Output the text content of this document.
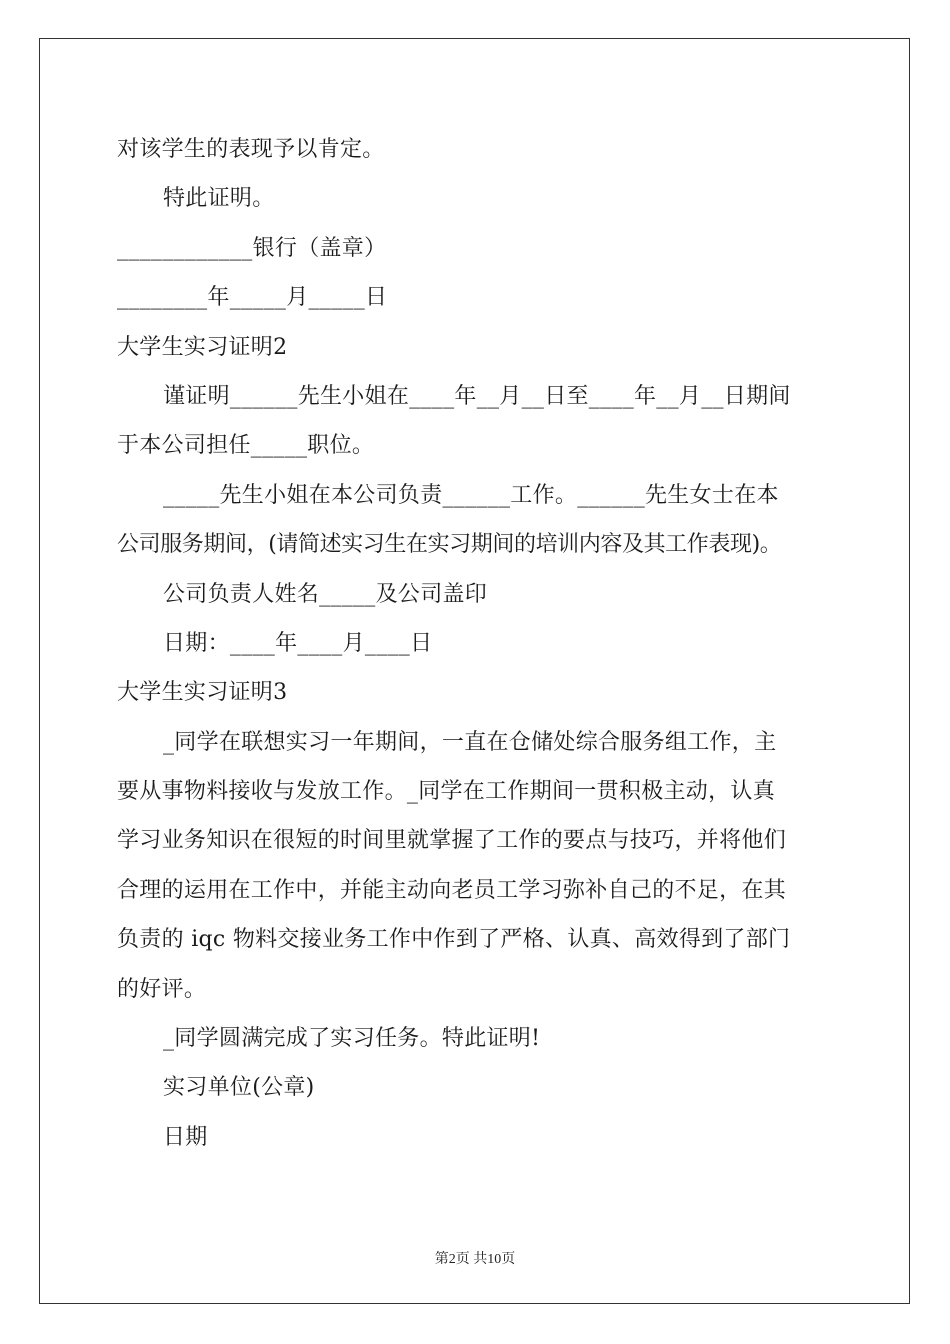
对该学生的表现予以肯定。
特此证明。
____________银行（盖章）
________年_____月_____日
大学生实习证明2
谨证明______先生小姐在____年__月__日至____年__月__日期间
于本公司担任_____职位。
_____先生小姐在本公司负责______工作。______先生女士在本
公司服务期间，(请简述实习生在实习期间的培训内容及其工作表现)。
公司负责人姓名_____及公司盖印
日期：____年____月____日
大学生实习证明3
_同学在联想实习一年期间，一直在仓储处综合服务组工作，主
要从事物料接收与发放工作。_同学在工作期间一贯积极主动，认真
学习业务知识在很短的时间里就掌握了工作的要点与技巧，并将他们
合理的运用在工作中，并能主动向老员工学习弥补自己的不足，在其
负责的 iqc 物料交接业务工作中作到了严格、认真、高效得到了部门
的好评。
_同学圆满完成了实习任务。特此证明!
实习单位(公章)
日期
第2页 共10页
